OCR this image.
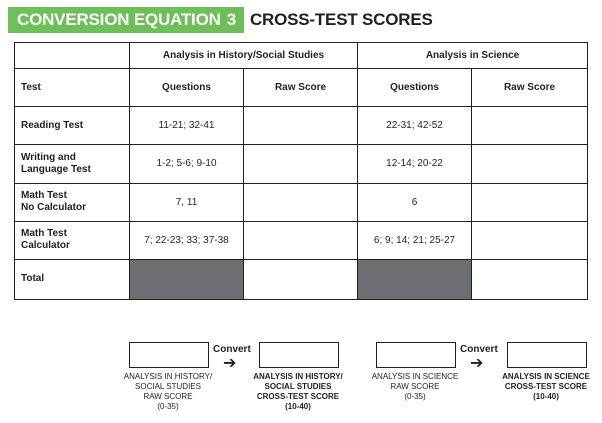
CONVERSION EQUATION 3 CROSS-TEST SCORES
	Analysis in History/Social Studies		Analysis in Science	
Test	Questions	Raw Score	Questions	Raw Score
Reading Test	11-21; 32-41		22-31; 42-52	
Writing and
Language Test	1-2; 5-6; 9-10		12-14; 20-22	
Math Test
No Calculator	7, 11		6	
Math Test
Calculator	7; 22-23; 33; 37-38		6; 9; 14; 21; 25-27	
Total				
Convert
➔
ANALYSIS IN HISTORY/
SOCIAL STUDIES
RAW SCORE
(0-35)
ANALYSIS IN HISTORY/
SOCIAL STUDIES
CROSS-TEST SCORE
(10-40)
Convert
➔
ANALYSIS IN SCIENCE
RAW SCORE
(0-35)
ANALYSIS IN SCIENCE
CROSS-TEST SCORE
(10-40)
